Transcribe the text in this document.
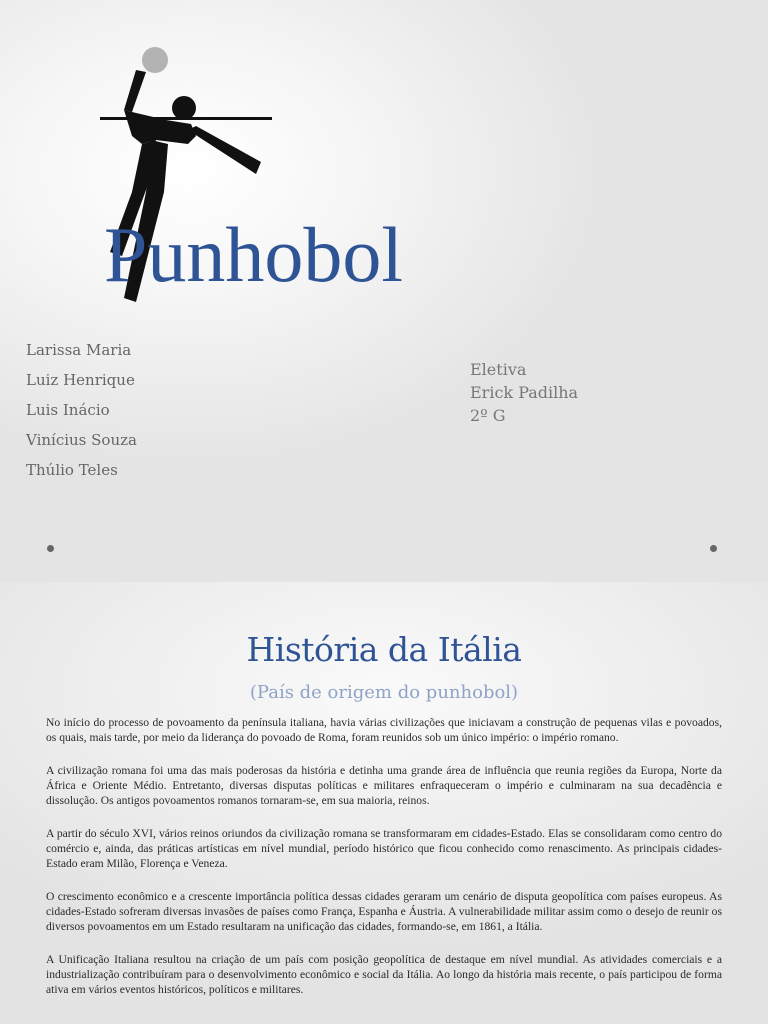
Punhobol
Larissa Maria
Luiz Henrique
Luis Inácio
Vinícius Souza
Thúlio Teles
Eletiva
Erick Padilha
2º G
História da Itália
(País de origem do punhobol)

No início do processo de povoamento da península italiana, havia várias civilizações que iniciavam a construção de pequenas vilas e povoados, os quais, mais tarde, por meio da liderança do povoado de Roma, foram reunidos sob um único império: o império romano.

A civilização romana foi uma das mais poderosas da história e detinha uma grande área de influência que reunia regiões da Europa, Norte da África e Oriente Médio. Entretanto, diversas disputas políticas e militares enfraqueceram o império e culminaram na sua decadência e dissolução. Os antigos povoamentos romanos tornaram-se, em sua maioria, reinos.

A partir do século XVI, vários reinos oriundos da civilização romana se transformaram em cidades-Estado. Elas se consolidaram como centro do comércio e, ainda, das práticas artísticas em nível mundial, período histórico que ficou conhecido como renascimento. As principais cidades-Estado eram Milão, Florença e Veneza.

O crescimento econômico e a crescente importância política dessas cidades geraram um cenário de disputa geopolítica com países europeus. As cidades-Estado sofreram diversas invasões de países como França, Espanha e Áustria. A vulnerabilidade militar assim como o desejo de reunir os diversos povoamentos em um Estado resultaram na unificação das cidades, formando-se, em 1861, a Itália.

A Unificação Italiana resultou na criação de um país com posição geopolítica de destaque em nível mundial. As atividades comerciais e a industrialização contribuíram para o desenvolvimento econômico e social da Itália. Ao longo da história mais recente, o país participou de forma ativa em vários eventos históricos, políticos e militares.
